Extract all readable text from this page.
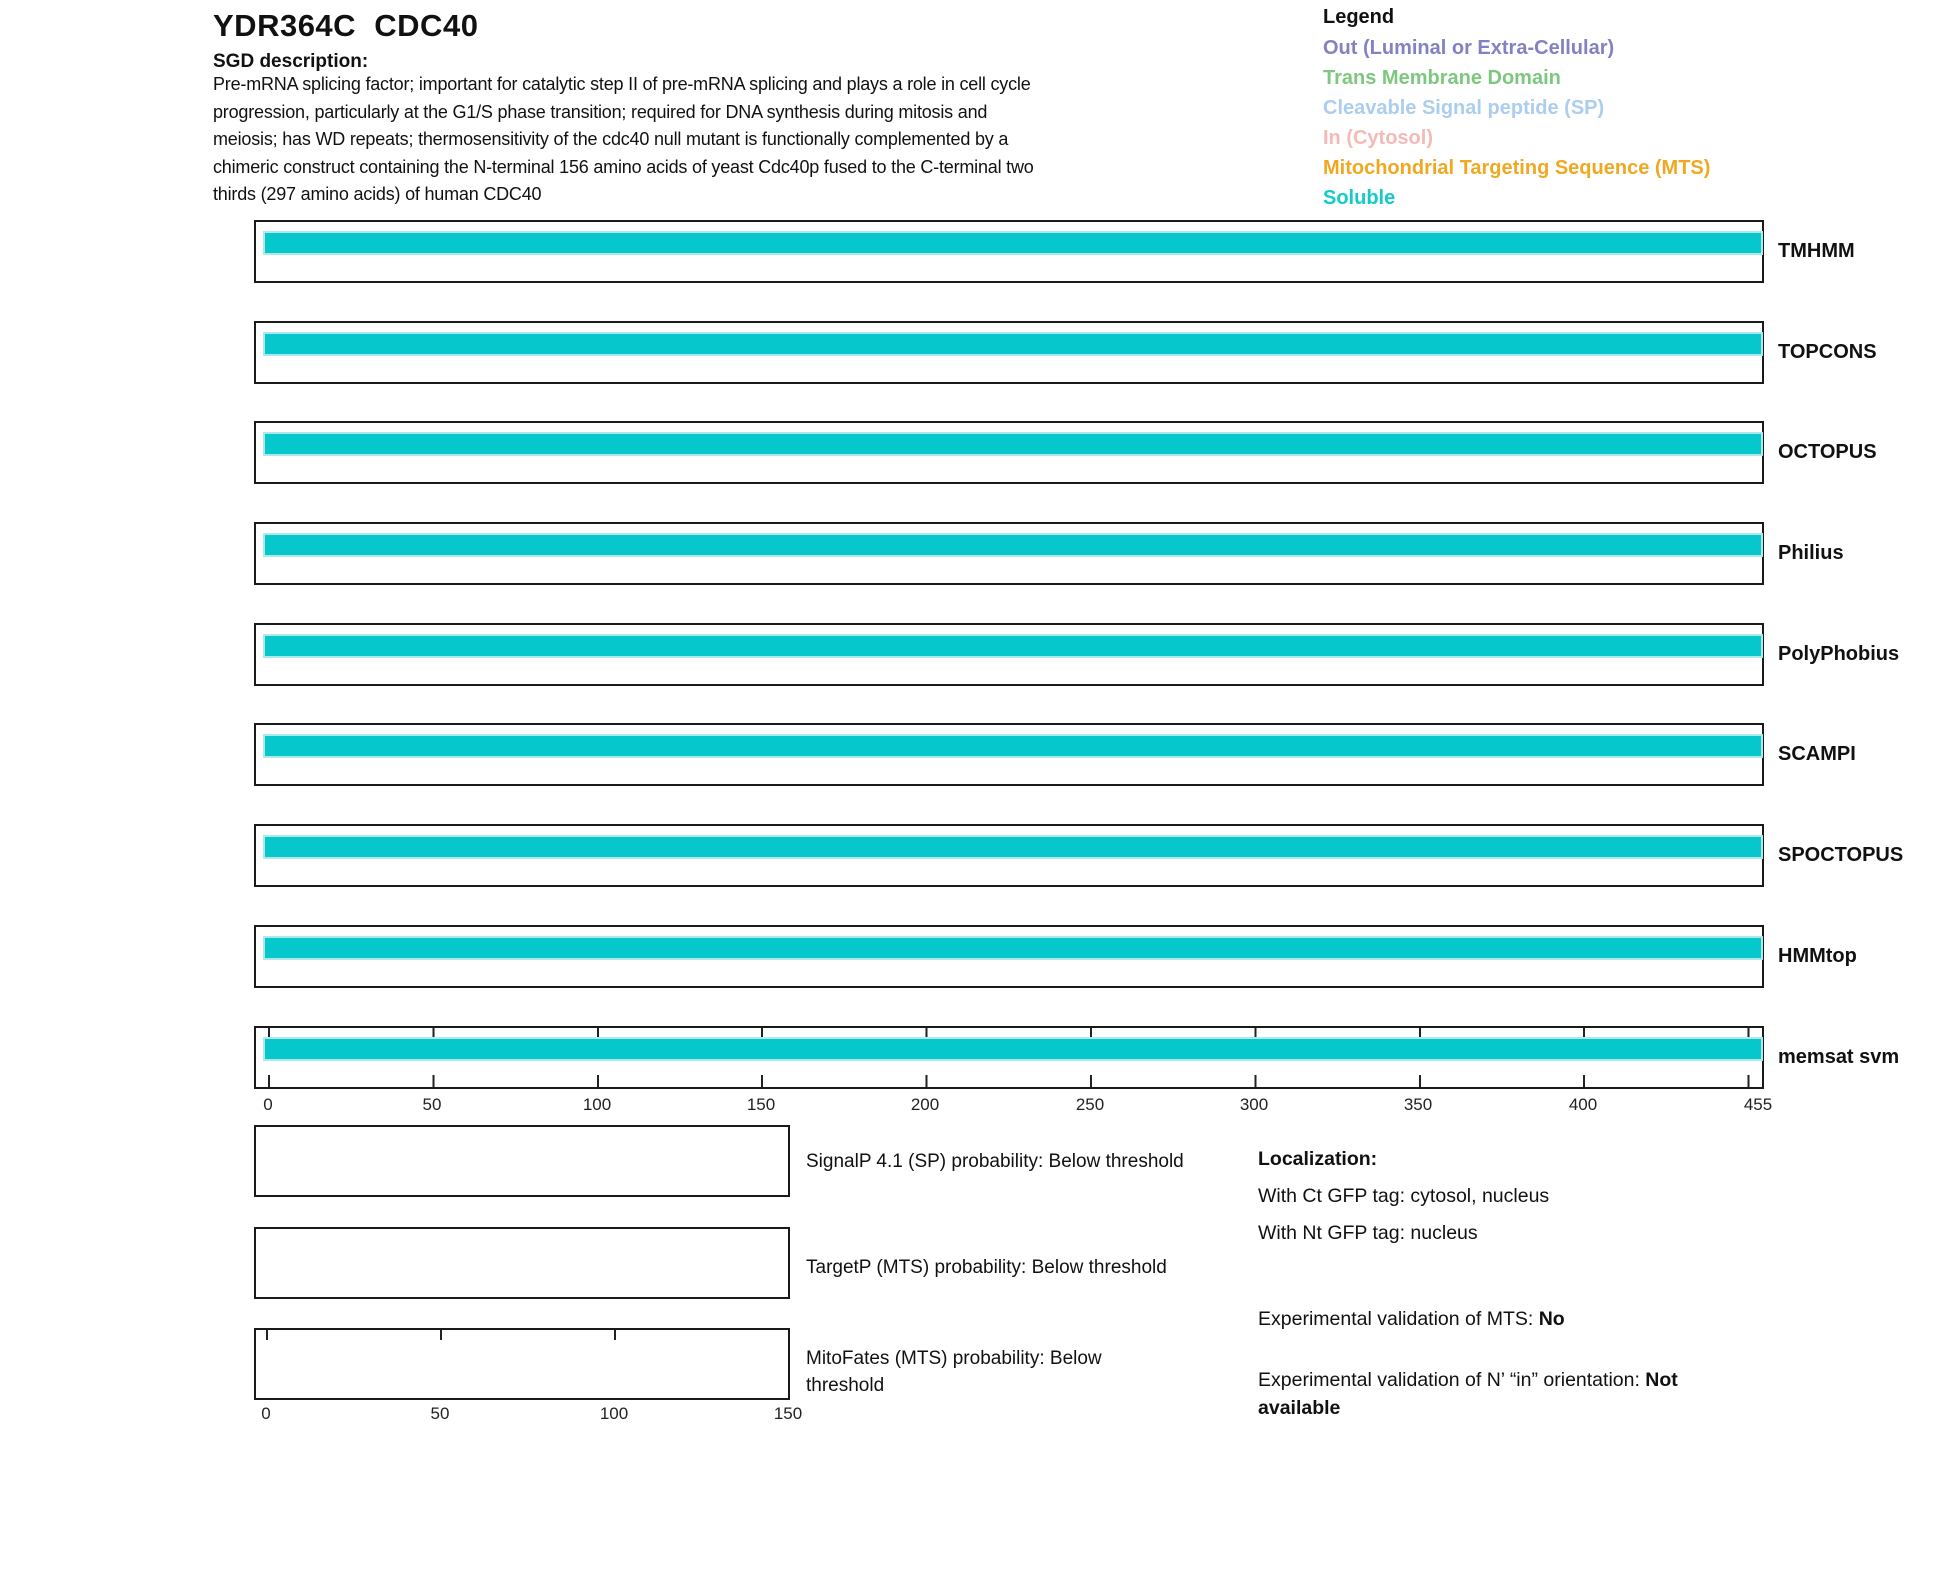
YDR364C  CDC40
SGD description:
Pre-mRNA splicing factor; important for catalytic step II of pre-mRNA splicing and plays a role in cell cycle progression, particularly at the G1/S phase transition; required for DNA synthesis during mitosis and meiosis; has WD repeats; thermosensitivity of the cdc40 null mutant is functionally complemented by a chimeric construct containing the N-terminal 156 amino acids of yeast Cdc40p fused to the C-terminal two thirds (297 amino acids) of human CDC40
Legend
Out (Luminal or Extra-Cellular)
Trans Membrane Domain
Cleavable Signal peptide (SP)
In (Cytosol)
Mitochondrial Targeting Sequence (MTS)
Soluble
TMHMM
TOPCONS
OCTOPUS
Philius
PolyPhobius
SCAMPI
SPOCTOPUS
HMMtop
memsat svm
0	50	100	150	200	250	300	350	400	455
SignalP 4.1 (SP) probability: Below threshold
TargetP (MTS) probability: Below threshold
MitoFates (MTS) probability: Below threshold
0	50	100	150
Localization:
With Ct GFP tag: cytosol, nucleus
With Nt GFP tag: nucleus
Experimental validation of MTS: No
Experimental validation of N’ “in” orientation: Not available
